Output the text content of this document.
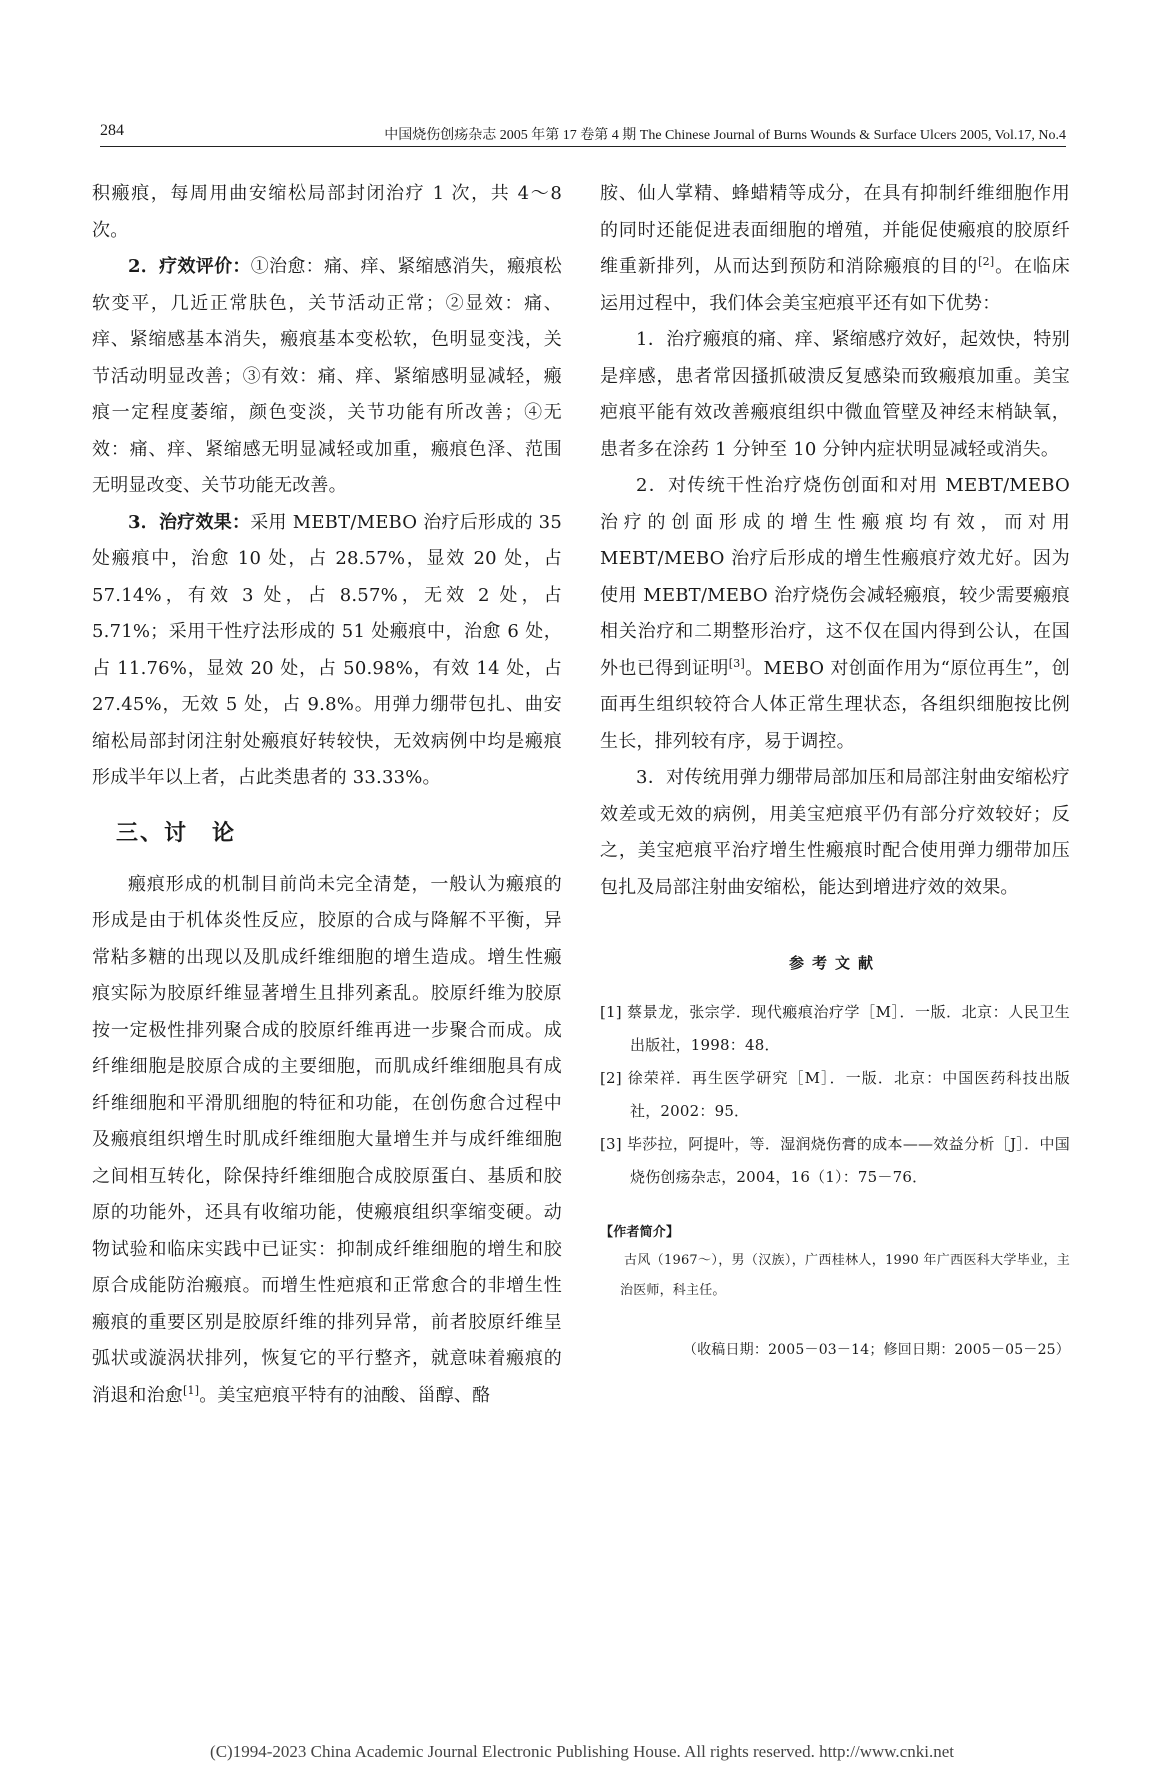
284	中国烧伤创疡杂志 2005 年第 17 卷第 4 期 The Chinese Journal of Burns Wounds & Surface Ulcers 2005, Vol.17, No.4

积瘢痕，每周用曲安缩松局部封闭治疗 1 次，共 4～8 次。

2．疗效评价：①治愈：痛、痒、紧缩感消失，瘢痕松软变平，几近正常肤色，关节活动正常；②显效：痛、痒、紧缩感基本消失，瘢痕基本变松软，色明显变浅，关节活动明显改善；③有效：痛、痒、紧缩感明显减轻，瘢痕一定程度萎缩，颜色变淡，关节功能有所改善；④无效：痛、痒、紧缩感无明显减轻或加重，瘢痕色泽、范围无明显改变、关节功能无改善。

3．治疗效果：采用 MEBT/MEBO 治疗后形成的 35 处瘢痕中，治愈 10 处，占 28.57%，显效 20 处，占 57.14%，有效 3 处，占 8.57%，无效 2 处，占 5.71%；采用干性疗法形成的 51 处瘢痕中，治愈 6 处，占 11.76%，显效 20 处，占 50.98%，有效 14 处，占 27.45%，无效 5 处，占 9.8%。用弹力绷带包扎、曲安缩松局部封闭注射处瘢痕好转较快，无效病例中均是瘢痕形成半年以上者，占此类患者的 33.33%。

三、讨　论

瘢痕形成的机制目前尚未完全清楚，一般认为瘢痕的形成是由于机体炎性反应，胶原的合成与降解不平衡，异常粘多糖的出现以及肌成纤维细胞的增生造成。增生性瘢痕实际为胶原纤维显著增生且排列紊乱。胶原纤维为胶原按一定极性排列聚合成的胶原纤维再进一步聚合而成。成纤维细胞是胶原合成的主要细胞，而肌成纤维细胞具有成纤维细胞和平滑肌细胞的特征和功能，在创伤愈合过程中及瘢痕组织增生时肌成纤维细胞大量增生并与成纤维细胞之间相互转化，除保持纤维细胞合成胶原蛋白、基质和胶原的功能外，还具有收缩功能，使瘢痕组织挛缩变硬。动物试验和临床实践中已证实：抑制成纤维细胞的增生和胶原合成能防治瘢痕。而增生性疤痕和正常愈合的非增生性瘢痕的重要区别是胶原纤维的排列异常，前者胶原纤维呈弧状或漩涡状排列，恢复它的平行整齐，就意味着瘢痕的消退和治愈[1]。美宝疤痕平特有的油酸、甾醇、酪

胺、仙人掌精、蜂蜡精等成分，在具有抑制纤维细胞作用的同时还能促进表面细胞的增殖，并能促使瘢痕的胶原纤维重新排列，从而达到预防和消除瘢痕的目的[2]。在临床运用过程中，我们体会美宝疤痕平还有如下优势：

1．治疗瘢痕的痛、痒、紧缩感疗效好，起效快，特别是痒感，患者常因搔抓破溃反复感染而致瘢痕加重。美宝疤痕平能有效改善瘢痕组织中微血管壁及神经末梢缺氧，患者多在涂药 1 分钟至 10 分钟内症状明显减轻或消失。

2．对传统干性治疗烧伤创面和对用 MEBT/MEBO 治疗的创面形成的增生性瘢痕均有效，而对用 MEBT/MEBO 治疗后形成的增生性瘢痕疗效尤好。因为使用 MEBT/MEBO 治疗烧伤会减轻瘢痕，较少需要瘢痕相关治疗和二期整形治疗，这不仅在国内得到公认，在国外也已得到证明[3]。MEBO 对创面作用为“原位再生”，创面再生组织较符合人体正常生理状态，各组织细胞按比例生长，排列较有序，易于调控。

3．对传统用弹力绷带局部加压和局部注射曲安缩松疗效差或无效的病例，用美宝疤痕平仍有部分疗效较好；反之，美宝疤痕平治疗增生性瘢痕时配合使用弹力绷带加压包扎及局部注射曲安缩松，能达到增进疗效的效果。

参考文献

[1] 蔡景龙，张宗学．现代瘢痕治疗学［M］．一版．北京：人民卫生出版社，1998：48．

[2] 徐荣祥．再生医学研究［M］．一版．北京：中国医药科技出版社，2002：95．

[3] 毕莎拉，阿提叶，等．湿润烧伤膏的成本——效益分析［J］．中国烧伤创疡杂志，2004，16（1）：75－76．

【作者简介】

古风（1967～），男（汉族），广西桂林人，1990 年广西医科大学毕业，主治医师，科主任。

（收稿日期：2005－03－14；修回日期：2005－05－25）

(C)1994-2023 China Academic Journal Electronic Publishing House. All rights reserved. http://www.cnki.net
